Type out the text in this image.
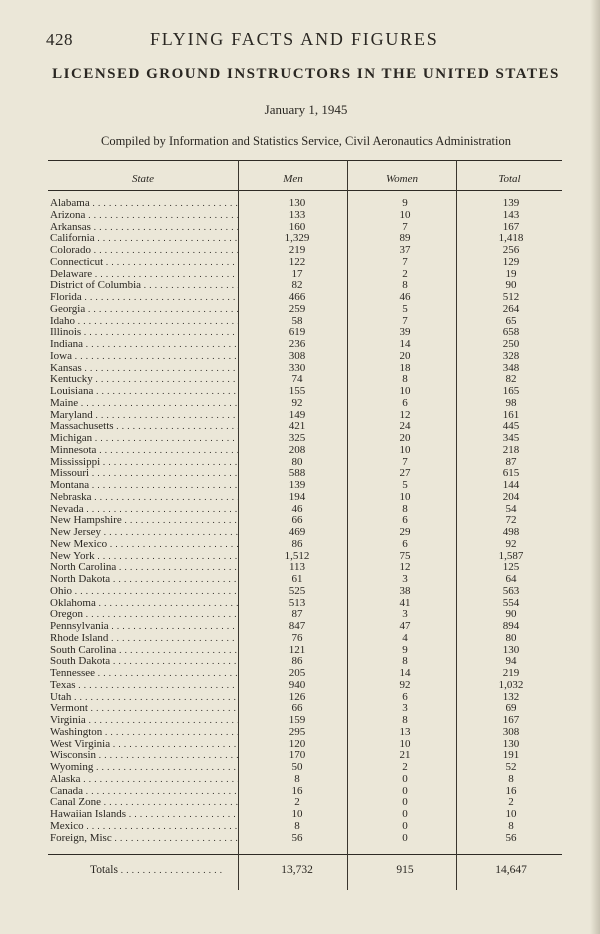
428	FLYING FACTS AND FIGURES
LICENSED GROUND INSTRUCTORS IN THE UNITED STATES
January 1, 1945
Compiled by Information and Statistics Service, Civil Aeronautics Administration
State	Men	Women	Total
Alabama . . .	130	9	139
Arizona . . .	133	10	143
Arkansas . . .	160	7	167
California . . .	1,329	89	1,418
Colorado . . .	219	37	256
Connecticut . . .	122	7	129
Delaware . . .	17	2	19
District of Columbia . . .	82	8	90
Florida . . .	466	46	512
Georgia . . .	259	5	264
Idaho . . .	58	7	65
Illinois . . .	619	39	658
Indiana . . .	236	14	250
Iowa . . .	308	20	328
Kansas . . .	330	18	348
Kentucky . . .	74	8	82
Louisiana . . .	155	10	165
Maine . . .	92	6	98
Maryland . . .	149	12	161
Massachusetts . . .	421	24	445
Michigan . . .	325	20	345
Minnesota . . .	208	10	218
Mississippi . . .	80	7	87
Missouri . . .	588	27	615
Montana . . .	139	5	144
Nebraska . . .	194	10	204
Nevada . . .	46	8	54
New Hampshire . . .	66	6	72
New Jersey . . .	469	29	498
New Mexico . . .	86	6	92
New York . . .	1,512	75	1,587
North Carolina . . .	113	12	125
North Dakota . . .	61	3	64
Ohio . . .	525	38	563
Oklahoma . . .	513	41	554
Oregon . . .	87	3	90
Pennsylvania . . .	847	47	894
Rhode Island . . .	76	4	80
South Carolina . . .	121	9	130
South Dakota . . .	86	8	94
Tennessee . . .	205	14	219
Texas . . .	940	92	1,032
Utah . . .	126	6	132
Vermont . . .	66	3	69
Virginia . . .	159	8	167
Washington . . .	295	13	308
West Virginia . . .	120	10	130
Wisconsin . . .	170	21	191
Wyoming . . .	50	2	52
Alaska . . .	8	0	8
Canada . . .	16	0	16
Canal Zone . . .	2	0	2
Hawaiian Islands . . .	10	0	10
Mexico . . .	8	0	8
Foreign, Misc . . .	56	0	56
Totals . . .	13,732	915	14,647
